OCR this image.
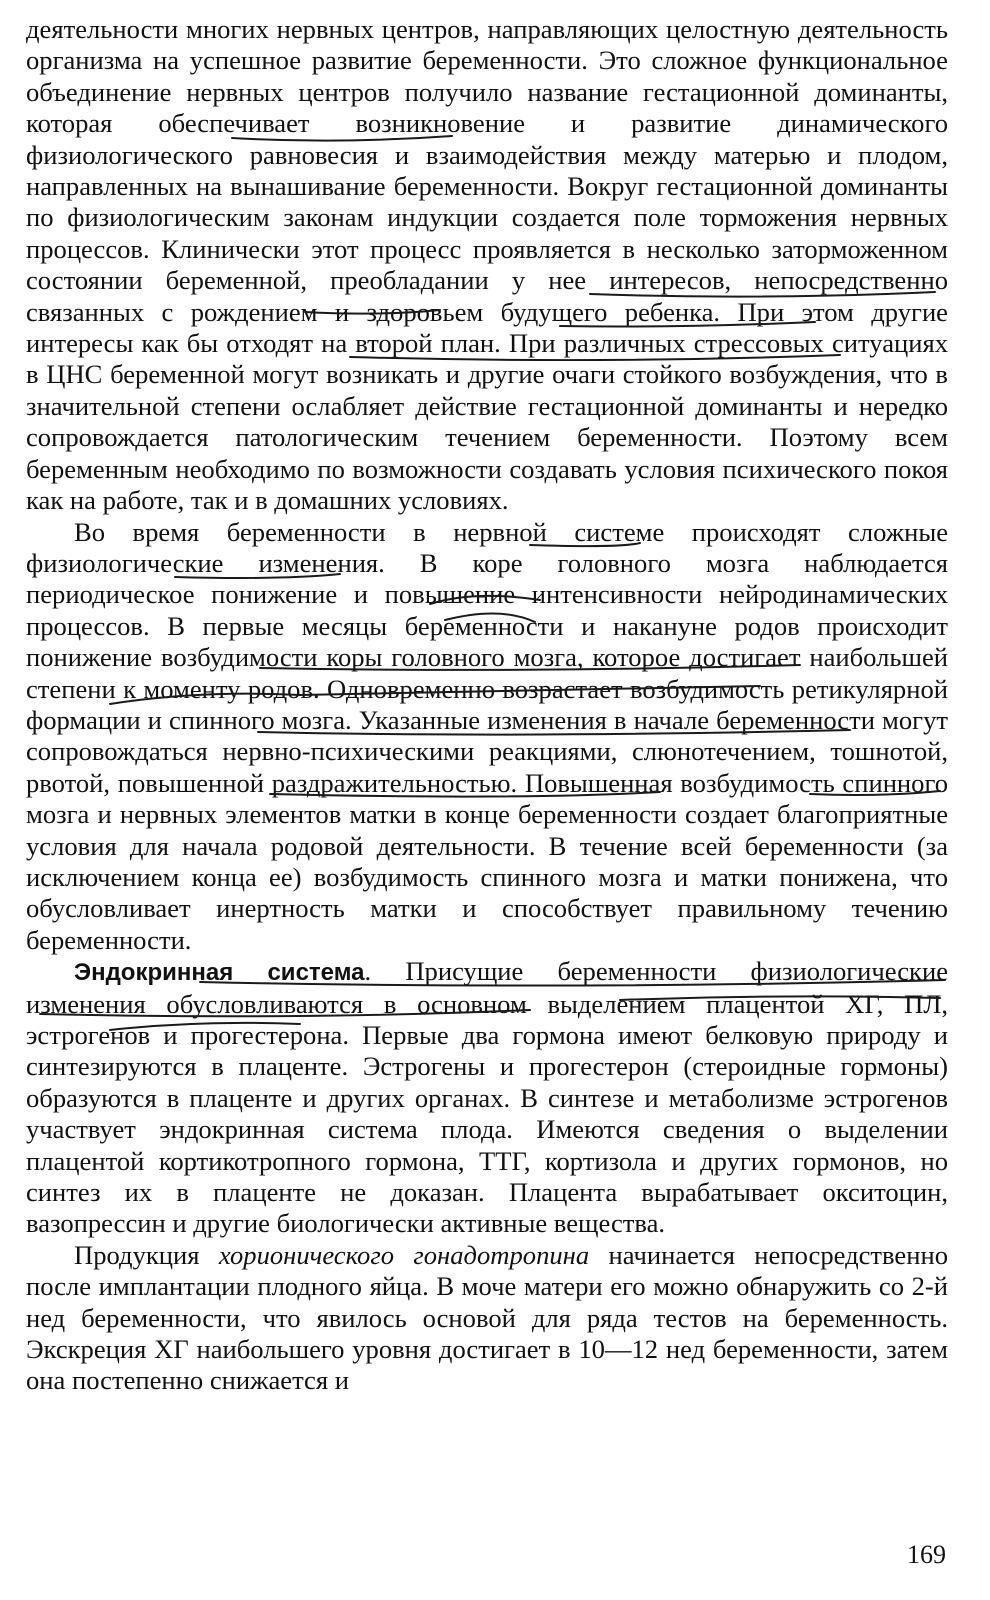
деятельности многих нервных центров, направляющих целостную деятельность организма на успешное развитие беременности. Это сложное функциональное объединение нервных центров получило название гестационной доминанты, которая обеспечивает возникновение и развитие динамического физиологического равновесия и взаимодействия между матерью и плодом, направленных на вынашивание беременности. Вокруг гестационной доминанты по физиологическим законам индукции создается поле торможения нервных процессов. Клинически этот процесс проявляется в несколько заторможенном состоянии беременной, преобладании у нее интересов, непосредственно связанных с рождением и здоровьем будущего ребенка. При этом другие интересы как бы отходят на второй план. При различных стрессовых ситуациях в ЦНС беременной могут возникать и другие очаги стойкого возбуждения, что в значительной степени ослабляет действие гестационной доминанты и нередко сопровождается патологическим течением беременности. Поэтому всем беременным необходимо по возможности создавать условия психического покоя как на работе, так и в домашних условиях.

Во время беременности в нервной системе происходят сложные физиологические изменения. В коре головного мозга наблюдается периодическое понижение и повышение интенсивности нейродинамических процессов. В первые месяцы беременности и накануне родов происходит понижение возбудимости коры головного мозга, которое достигает наибольшей степени к моменту родов. Одновременно возрастает возбудимость ретикулярной формации и спинного мозга. Указанные изменения в начале беременности могут сопровождаться нервно-психическими реакциями, слюнотечением, тошнотой, рвотой, повышенной раздражительностью. Повышенная возбудимость спинного мозга и нервных элементов матки в конце беременности создает благоприятные условия для начала родовой деятельности. В течение всей беременности (за исключением конца ее) возбудимость спинного мозга и матки понижена, что обусловливает инертность матки и способствует правильному течению беременности.

Эндокринная система. Присущие беременности физиологические изменения обусловливаются в основном выделением плацентой ХГ, ПЛ, эстрогенов и прогестерона. Первые два гормона имеют белковую природу и синтезируются в плаценте. Эстрогены и прогестерон (стероидные гормоны) образуются в плаценте и других органах. В синтезе и метаболизме эстрогенов участвует эндокринная система плода. Имеются сведения о выделении плацентой кортикотропного гормона, ТТГ, кортизола и других гормонов, но синтез их в плаценте не доказан. Плацента вырабатывает окситоцин, вазопрессин и другие биологически активные вещества.

Продукция хорионического гонадотропина начинается непосредственно после имплантации плодного яйца. В моче матери его можно обнаружить со 2-й нед беременности, что явилось основой для ряда тестов на беременность. Экскреция ХГ наибольшего уровня достигает в 10—12 нед беременности, затем она постепенно снижается и

169
